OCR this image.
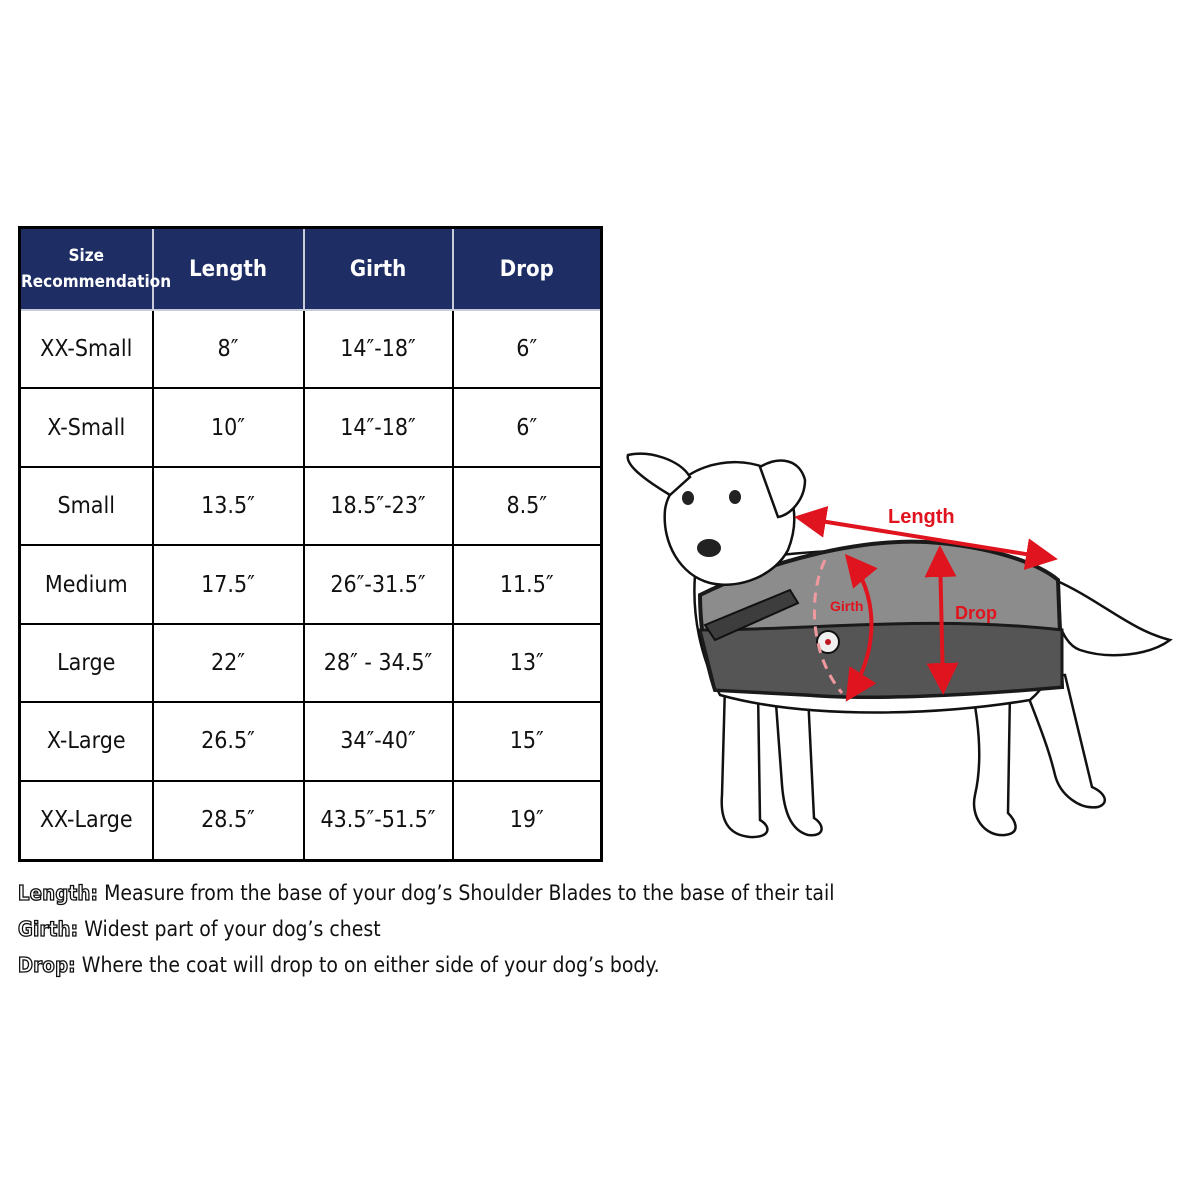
Size
Recommendation	Length	Girth	Drop
XX-Small	8″	14″-18″	6″
X-Small	10″	14″-18″	6″
Small	13.5″	18.5″-23″	8.5″
Medium	17.5″	26″-31.5″	11.5″
Large	22″	28″ - 34.5″	13″
X-Large	26.5″	34″-40″	15″
XX-Large	28.5″	43.5″-51.5″	19″
Length: Measure from the base of your dog’s Shoulder Blades to the base of their tail
Girth: Widest part of your dog’s chest
Drop: Where the coat will drop to on either side of your dog’s body.
Length
Drop
Girth
